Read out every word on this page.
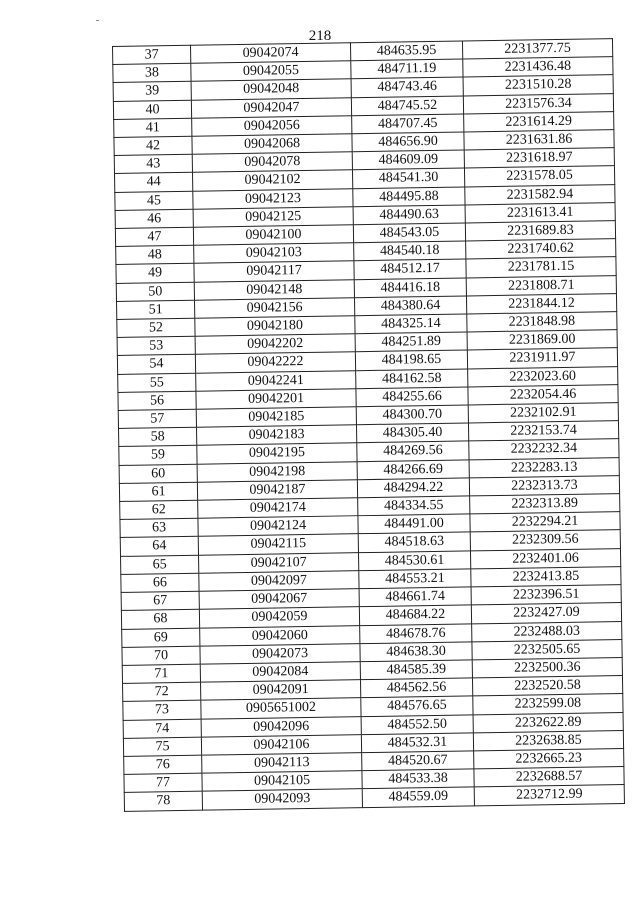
218
37	09042074	484635.95	2231377.75
38	09042055	484711.19	2231436.48
39	09042048	484743.46	2231510.28
40	09042047	484745.52	2231576.34
41	09042056	484707.45	2231614.29
42	09042068	484656.90	2231631.86
43	09042078	484609.09	2231618.97
44	09042102	484541.30	2231578.05
45	09042123	484495.88	2231582.94
46	09042125	484490.63	2231613.41
47	09042100	484543.05	2231689.83
48	09042103	484540.18	2231740.62
49	09042117	484512.17	2231781.15
50	09042148	484416.18	2231808.71
51	09042156	484380.64	2231844.12
52	09042180	484325.14	2231848.98
53	09042202	484251.89	2231869.00
54	09042222	484198.65	2231911.97
55	09042241	484162.58	2232023.60
56	09042201	484255.66	2232054.46
57	09042185	484300.70	2232102.91
58	09042183	484305.40	2232153.74
59	09042195	484269.56	2232232.34
60	09042198	484266.69	2232283.13
61	09042187	484294.22	2232313.73
62	09042174	484334.55	2232313.89
63	09042124	484491.00	2232294.21
64	09042115	484518.63	2232309.56
65	09042107	484530.61	2232401.06
66	09042097	484553.21	2232413.85
67	09042067	484661.74	2232396.51
68	09042059	484684.22	2232427.09
69	09042060	484678.76	2232488.03
70	09042073	484638.30	2232505.65
71	09042084	484585.39	2232500.36
72	09042091	484562.56	2232520.58
73	0905651002	484576.65	2232599.08
74	09042096	484552.50	2232622.89
75	09042106	484532.31	2232638.85
76	09042113	484520.67	2232665.23
77	09042105	484533.38	2232688.57
78	09042093	484559.09	2232712.99
